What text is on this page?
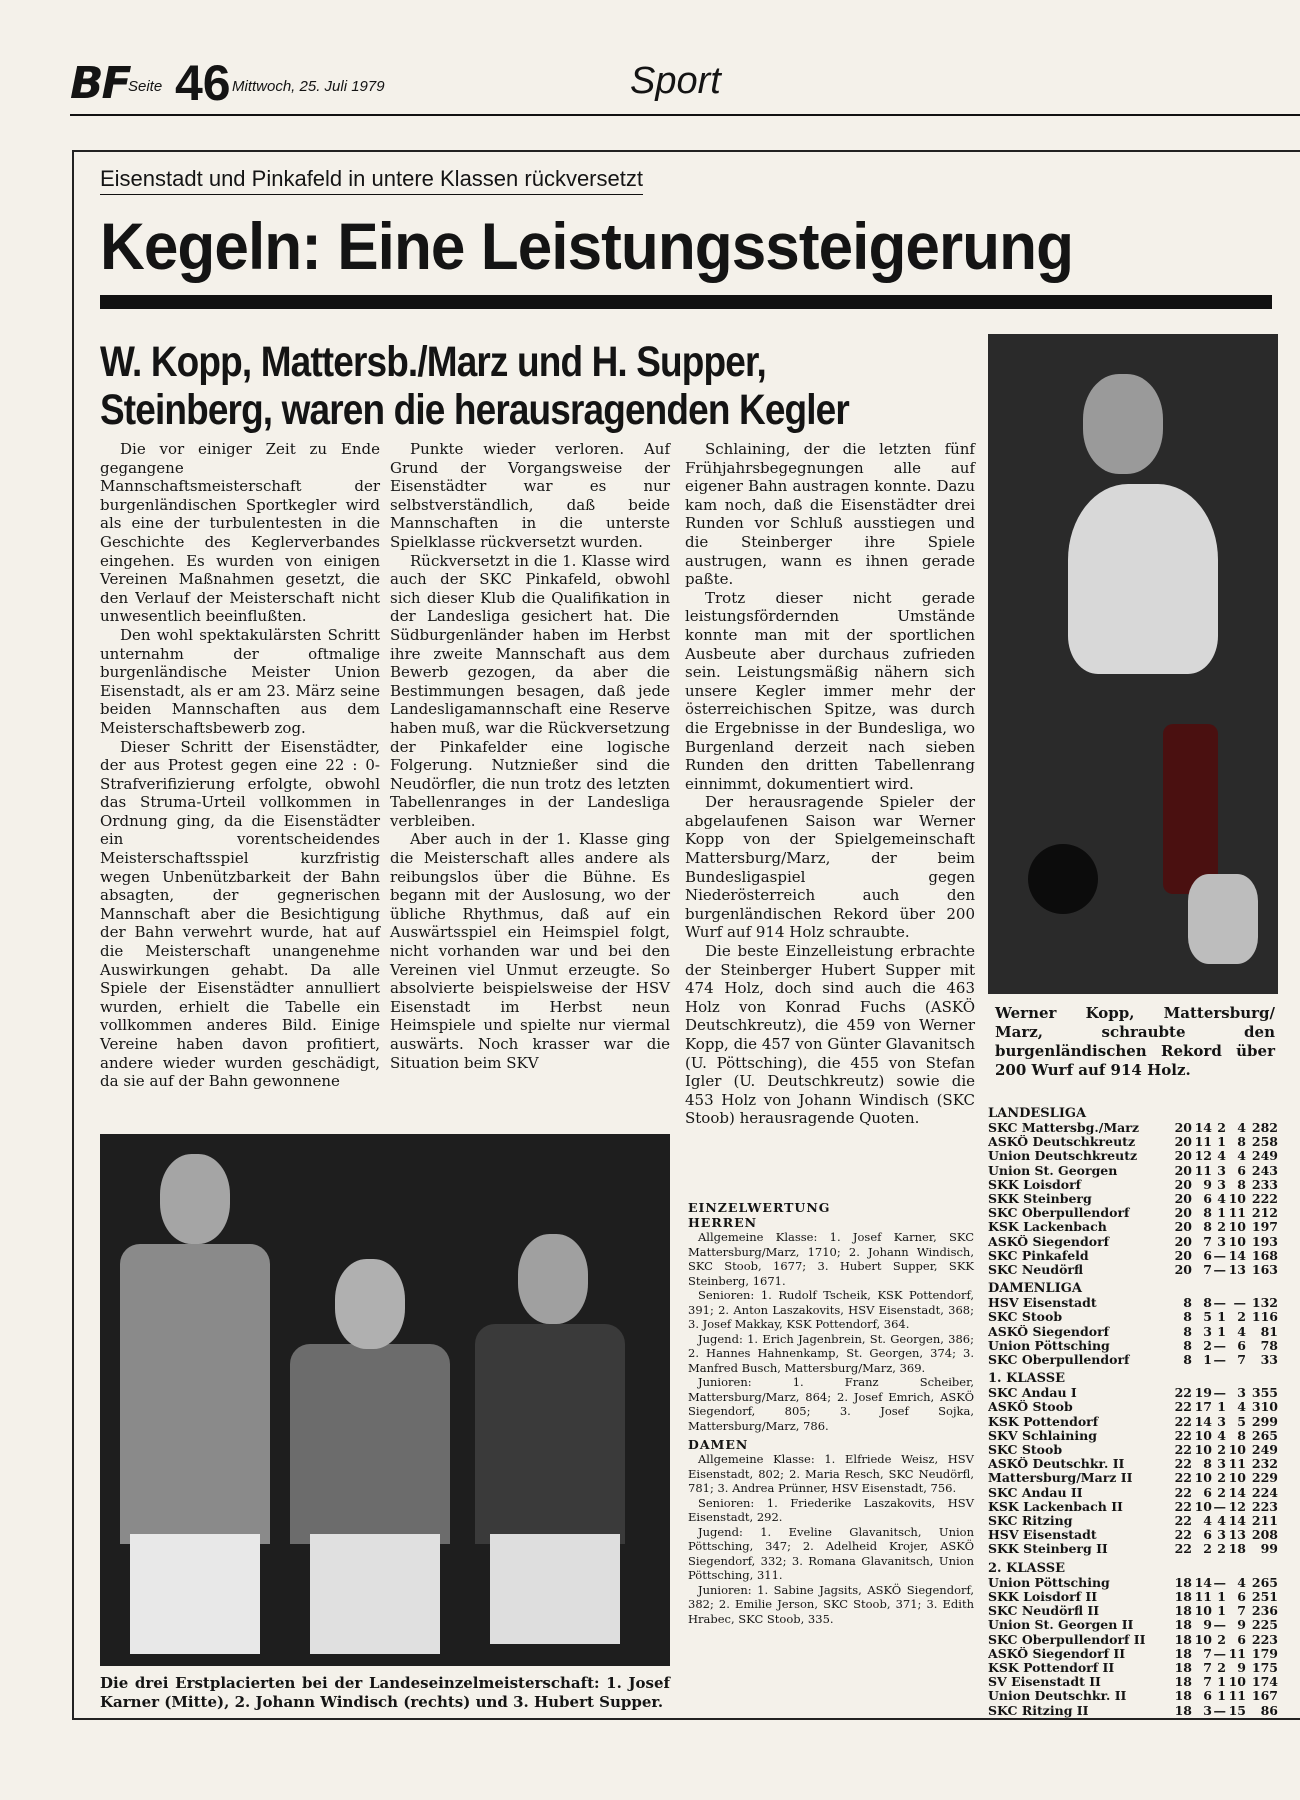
BF
Seite 46 Mittwoch, 25. Juli 1979	Sport
Eisenstadt und Pinkafeld in untere Klassen rückversetzt
Kegeln: Eine Leistungssteigerung
W. Kopp, Mattersb./Marz und H. Supper,
Steinberg, waren die herausragenden Kegler

Die vor einiger Zeit zu Ende gegangene Mannschaftsmeisterschaft der burgenländischen Sportkegler wird als eine der turbulentesten in die Geschichte des Keglerverbandes eingehen. Es wurden von einigen Vereinen Maßnahmen gesetzt, die den Verlauf der Meisterschaft nicht unwesentlich beeinflußten.

Den wohl spektakulärsten Schritt unternahm der oftmalige burgenländische Meister Union Eisenstadt, als er am 23. März seine beiden Mannschaften aus dem Meisterschaftsbewerb zog.

Dieser Schritt der Eisenstädter, der aus Protest gegen eine 22 : 0-Strafverifizierung erfolgte, obwohl das Struma-Urteil vollkommen in Ordnung ging, da die Eisenstädter ein vorentscheidendes Meisterschaftsspiel kurzfristig wegen Unbenützbarkeit der Bahn absagten, der gegnerischen Mannschaft aber die Besichtigung der Bahn verwehrt wurde, hat auf die Meisterschaft unangenehme Auswirkungen gehabt. Da alle Spiele der Eisenstädter annulliert wurden, erhielt die Tabelle ein vollkommen anderes Bild. Einige Vereine haben davon profitiert, andere wieder wurden geschädigt, da sie auf der Bahn gewonnene

Punkte wieder verloren. Auf Grund der Vorgangsweise der Eisenstädter war es nur selbstverständlich, daß beide Mannschaften in die unterste Spielklasse rückversetzt wurden.

Rückversetzt in die 1. Klasse wird auch der SKC Pinkafeld, obwohl sich dieser Klub die Qualifikation in der Landesliga gesichert hat. Die Südburgenländer haben im Herbst ihre zweite Mannschaft aus dem Bewerb gezogen, da aber die Bestimmungen besagen, daß jede Landesligamannschaft eine Reserve haben muß, war die Rückversetzung der Pinkafelder eine logische Folgerung. Nutznießer sind die Neudörfler, die nun trotz des letzten Tabellenranges in der Landesliga verbleiben.

Aber auch in der 1. Klasse ging die Meisterschaft alles andere als reibungslos über die Bühne. Es begann mit der Auslosung, wo der übliche Rhythmus, daß auf ein Auswärtsspiel ein Heimspiel folgt, nicht vorhanden war und bei den Vereinen viel Unmut erzeugte. So absolvierte beispielsweise der HSV Eisenstadt im Herbst neun Heimspiele und spielte nur viermal auswärts. Noch krasser war die Situation beim SKV

Schlaining, der die letzten fünf Frühjahrsbegegnungen alle auf eigener Bahn austragen konnte. Dazu kam noch, daß die Eisenstädter drei Runden vor Schluß ausstiegen und die Steinberger ihre Spiele austrugen, wann es ihnen gerade paßte.

Trotz dieser nicht gerade leistungsfördernden Umstände konnte man mit der sportlichen Ausbeute aber durchaus zufrieden sein. Leistungsmäßig nähern sich unsere Kegler immer mehr der österreichischen Spitze, was durch die Ergebnisse in der Bundesliga, wo Burgenland derzeit nach sieben Runden den dritten Tabellenrang einnimmt, dokumentiert wird.

Der herausragende Spieler der abgelaufenen Saison war Werner Kopp von der Spielgemeinschaft Mattersburg/Marz, der beim Bundesligaspiel gegen Niederösterreich auch den burgenländischen Rekord über 200 Wurf auf 914 Holz schraubte.

Die beste Einzelleistung erbrachte der Steinberger Hubert Supper mit 474 Holz, doch sind auch die 463 Holz von Konrad Fuchs (ASKÖ Deutschkreutz), die 459 von Werner Kopp, die 457 von Günter Glavanitsch (U. Pöttsching), die 455 von Stefan Igler (U. Deutschkreutz) sowie die 453 Holz von Johann Windisch (SKC Stoob) herausragende Quoten.

Werner Kopp, Mattersburg/ Marz, schraubte den burgenländischen Rekord über 200 Wurf auf 914 Holz.
Die drei Erstplacierten bei der Landeseinzelmeisterschaft: 1. Josef Karner (Mitte), 2. Johann Windisch (rechts) und 3. Hubert Supper.
EINZELWERTUNG
HERREN

Allgemeine Klasse: 1. Josef Karner, SKC Mattersburg/Marz, 1710; 2. Johann Windisch, SKC Stoob, 1677; 3. Hubert Supper, SKK Steinberg, 1671.

Senioren: 1. Rudolf Tscheik, KSK Pottendorf, 391; 2. Anton Laszakovits, HSV Eisenstadt, 368; 3. Josef Makkay, KSK Pottendorf, 364.

Jugend: 1. Erich Jagenbrein, St. Georgen, 386; 2. Hannes Hahnenkamp, St. Georgen, 374; 3. Manfred Busch, Mattersburg/Marz, 369.

Junioren: 1. Franz Scheiber, Mattersburg/Marz, 864; 2. Josef Emrich, ASKÖ Siegendorf, 805; 3. Josef Sojka, Mattersburg/Marz, 786.

DAMEN

Allgemeine Klasse: 1. Elfriede Weisz, HSV Eisenstadt, 802; 2. Maria Resch, SKC Neudörfl, 781; 3. Andrea Prünner, HSV Eisenstadt, 756.

Senioren: 1. Friederike Laszakovits, HSV Eisenstadt, 292.

Jugend: 1. Eveline Glavanitsch, Union Pöttsching, 347; 2. Adelheid Krojer, ASKÖ Siegendorf, 332; 3. Romana Glavanitsch, Union Pöttsching, 311.

Junioren: 1. Sabine Jagsits, ASKÖ Siegendorf, 382; 2. Emilie Jerson, SKC Stoob, 371; 3. Edith Hrabec, SKC Stoob, 335.

LANDESLIGA
SKC Mattersbg./Marz	20 14 2 4 282
ASKÖ Deutschkreutz	20 11 1 8 258
Union Deutschkreutz	20 12 4 4 249
Union St. Georgen	20 11 3 6 243
SKK Loisdorf	20 9 3 8 233
SKK Steinberg	20 6 4 10 222
SKC Oberpullendorf	20 8 1 11 212
KSK Lackenbach	20 8 2 10 197
ASKÖ Siegendorf	20 7 3 10 193
SKC Pinkafeld	20 6 — 14 168
SKC Neudörfl	20 7 — 13 163
DAMENLIGA
HSV Eisenstadt	8 8 — — 132
SKC Stoob	8 5 1 2 116
ASKÖ Siegendorf	8 3 1 4	81
Union Pöttsching	8 2 — 6	78
SKC Oberpullendorf	8 1 — 7	33
1. KLASSE
SKC Andau I	22 19 — 3 355
ASKÖ Stoob	22 17 1 4 310
KSK Pottendorf	22 14 3 5 299
SKV Schlaining	22 10 4 8 265
SKC Stoob	22 10 2 10 249
ASKÖ Deutschkr. II	22 8 3 11 232
Mattersburg/Marz II	22 10 2 10 229
SKC Andau II	22 6 2 14 224
KSK Lackenbach II	22 10 — 12 223
SKC Ritzing	22 4 4 14 211
HSV Eisenstadt	22 6 3 13 208
SKK Steinberg II	22 2 2 18	99
2. KLASSE
Union Pöttsching	18 14 — 4 265
SKK Loisdorf II	18 11 1 6 251
SKC Neudörfl II	18 10 1 7 236
Union St. Georgen II	18 9 — 9 225
SKC Oberpullendorf II	18 10 2 6 223
ASKÖ Siegendorf II	18 7 — 11 179
KSK Pottendorf II	18 7 2 9 175
SV Eisenstadt II	18 7 1 10 174
Union Deutschkr. II	18 6 1 11 167
SKC Ritzing II	18 3 — 15	86
